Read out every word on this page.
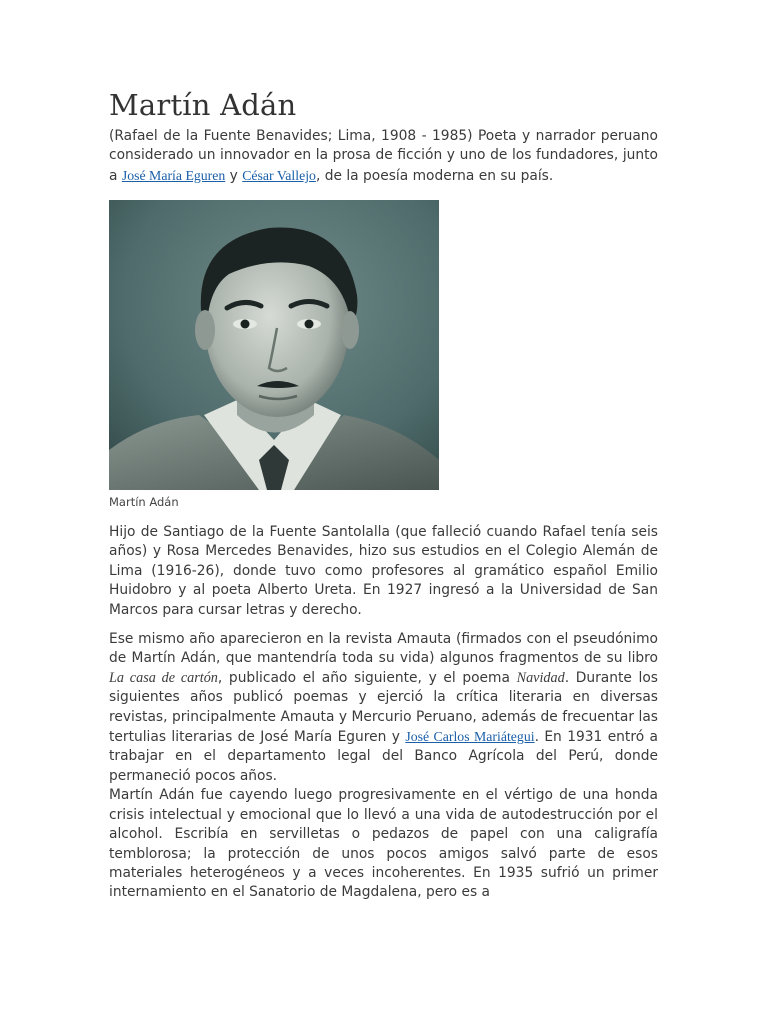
Martín Adán

(Rafael de la Fuente Benavides; Lima, 1908 - 1985) Poeta y narrador peruano considerado un innovador en la prosa de ficción y uno de los fundadores, junto a José María Eguren y César Vallejo, de la poesía moderna en su país.

Martín Adán

Hijo de Santiago de la Fuente Santolalla (que falleció cuando Rafael tenía seis años) y Rosa Mercedes Benavides, hizo sus estudios en el Colegio Alemán de Lima (1916-26), donde tuvo como profesores al gramático español Emilio Huidobro y al poeta Alberto Ureta. En 1927 ingresó a la Universidad de San Marcos para cursar letras y derecho.

Ese mismo año aparecieron en la revista Amauta (firmados con el pseudónimo de Martín Adán, que mantendría toda su vida) algunos fragmentos de su libro La casa de cartón, publicado el año siguiente, y el poema Navidad. Durante los siguientes años publicó poemas y ejerció la crítica literaria en diversas revistas, principalmente Amauta y Mercurio Peruano, además de frecuentar las tertulias literarias de José María Eguren y José Carlos Mariátegui. En 1931 entró a trabajar en el departamento legal del Banco Agrícola del Perú, donde permaneció pocos años.

Martín Adán fue cayendo luego progresivamente en el vértigo de una honda crisis intelectual y emocional que lo llevó a una vida de autodestrucción por el alcohol. Escribía en servilletas o pedazos de papel con una caligrafía temblorosa; la protección de unos pocos amigos salvó parte de esos materiales heterogéneos y a veces incoherentes. En 1935 sufrió un primer internamiento en el Sanatorio de Magdalena, pero es a
